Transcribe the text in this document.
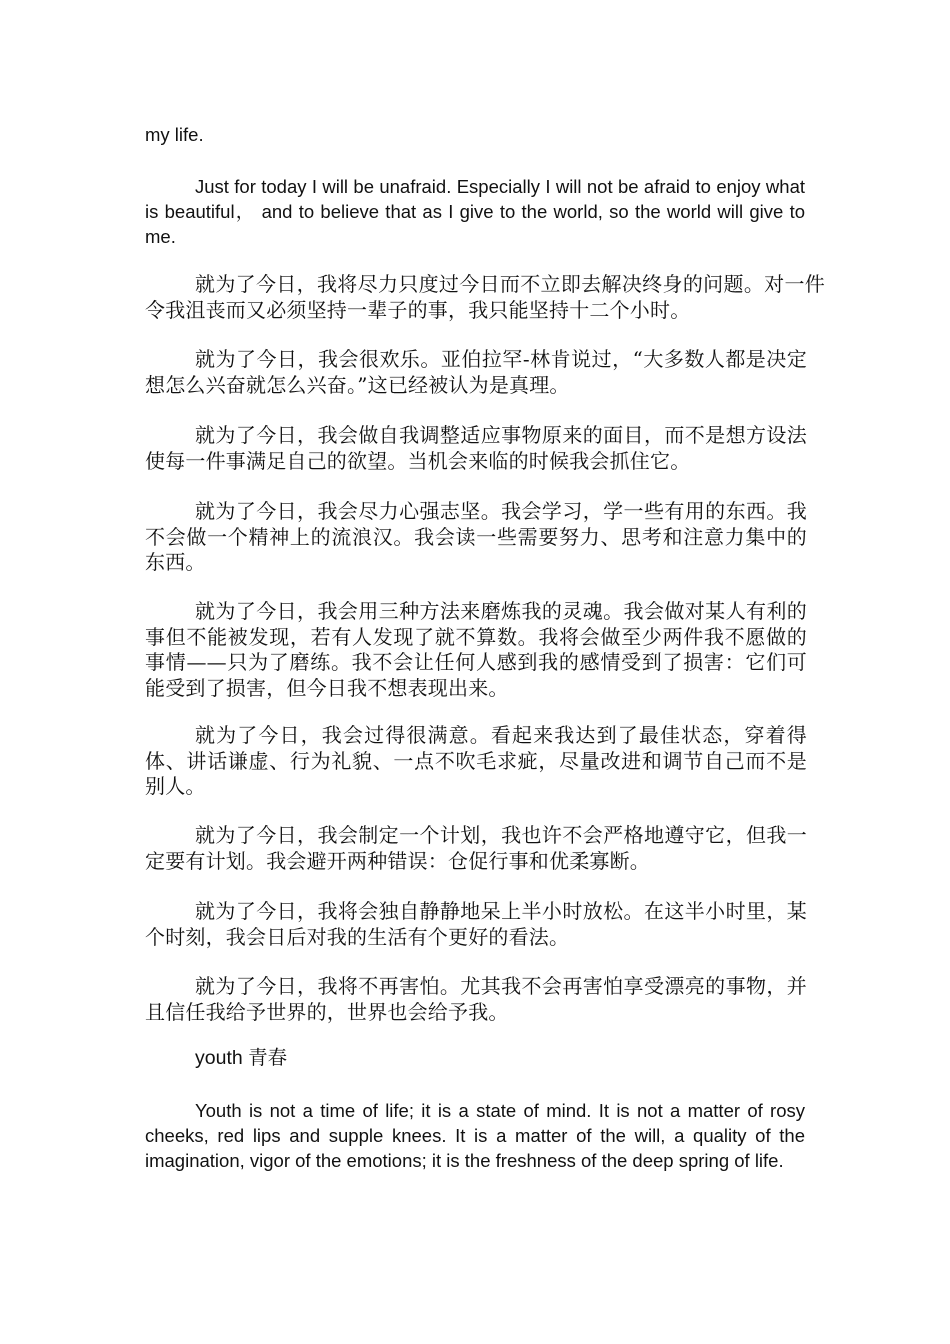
my life.

Just for today I will be unafraid. Especially I will not be afraid to enjoy what is beautiful， and to believe that as I give to the world, so the world will give to me.

就为了今日，我将尽力只度过今日而不立即去解决终身的问题。对一件令我沮丧而又必须坚持一辈子的事，我只能坚持十二个小时。

就为了今日，我会很欢乐。亚伯拉罕-林肯说过，“大多数人都是决定想怎么兴奋就怎么兴奋。”这已经被认为是真理。

就为了今日，我会做自我调整适应事物原来的面目，而不是想方设法使每一件事满足自己的欲望。当机会来临的时候我会抓住它。

就为了今日，我会尽力心强志坚。我会学习，学一些有用的东西。我不会做一个精神上的流浪汉。我会读一些需要努力、思考和注意力集中的东西。

就为了今日，我会用三种方法来磨炼我的灵魂。我会做对某人有利的事但不能被发现，若有人发现了就不算数。我将会做至少两件我不愿做的事情——只为了磨练。我不会让任何人感到我的感情受到了损害：它们可能受到了损害，但今日我不想表现出来。

就为了今日，我会过得很满意。看起来我达到了最佳状态，穿着得体、讲话谦虚、行为礼貌、一点不吹毛求疵，尽量改进和调节自己而不是别人。

就为了今日，我会制定一个计划，我也许不会严格地遵守它，但我一定要有计划。我会避开两种错误：仓促行事和优柔寡断。

就为了今日，我将会独自静静地呆上半小时放松。在这半小时里，某个时刻，我会日后对我的生活有个更好的看法。

就为了今日，我将不再害怕。尤其我不会再害怕享受漂亮的事物，并且信任我给予世界的，世界也会给予我。

youth 青春

Youth is not a time of life; it is a state of mind. It is not a matter of rosy cheeks, red lips and supple knees. It is a matter of the will, a quality of the imagination, vigor of the emotions; it is the freshness of the deep spring of life.
